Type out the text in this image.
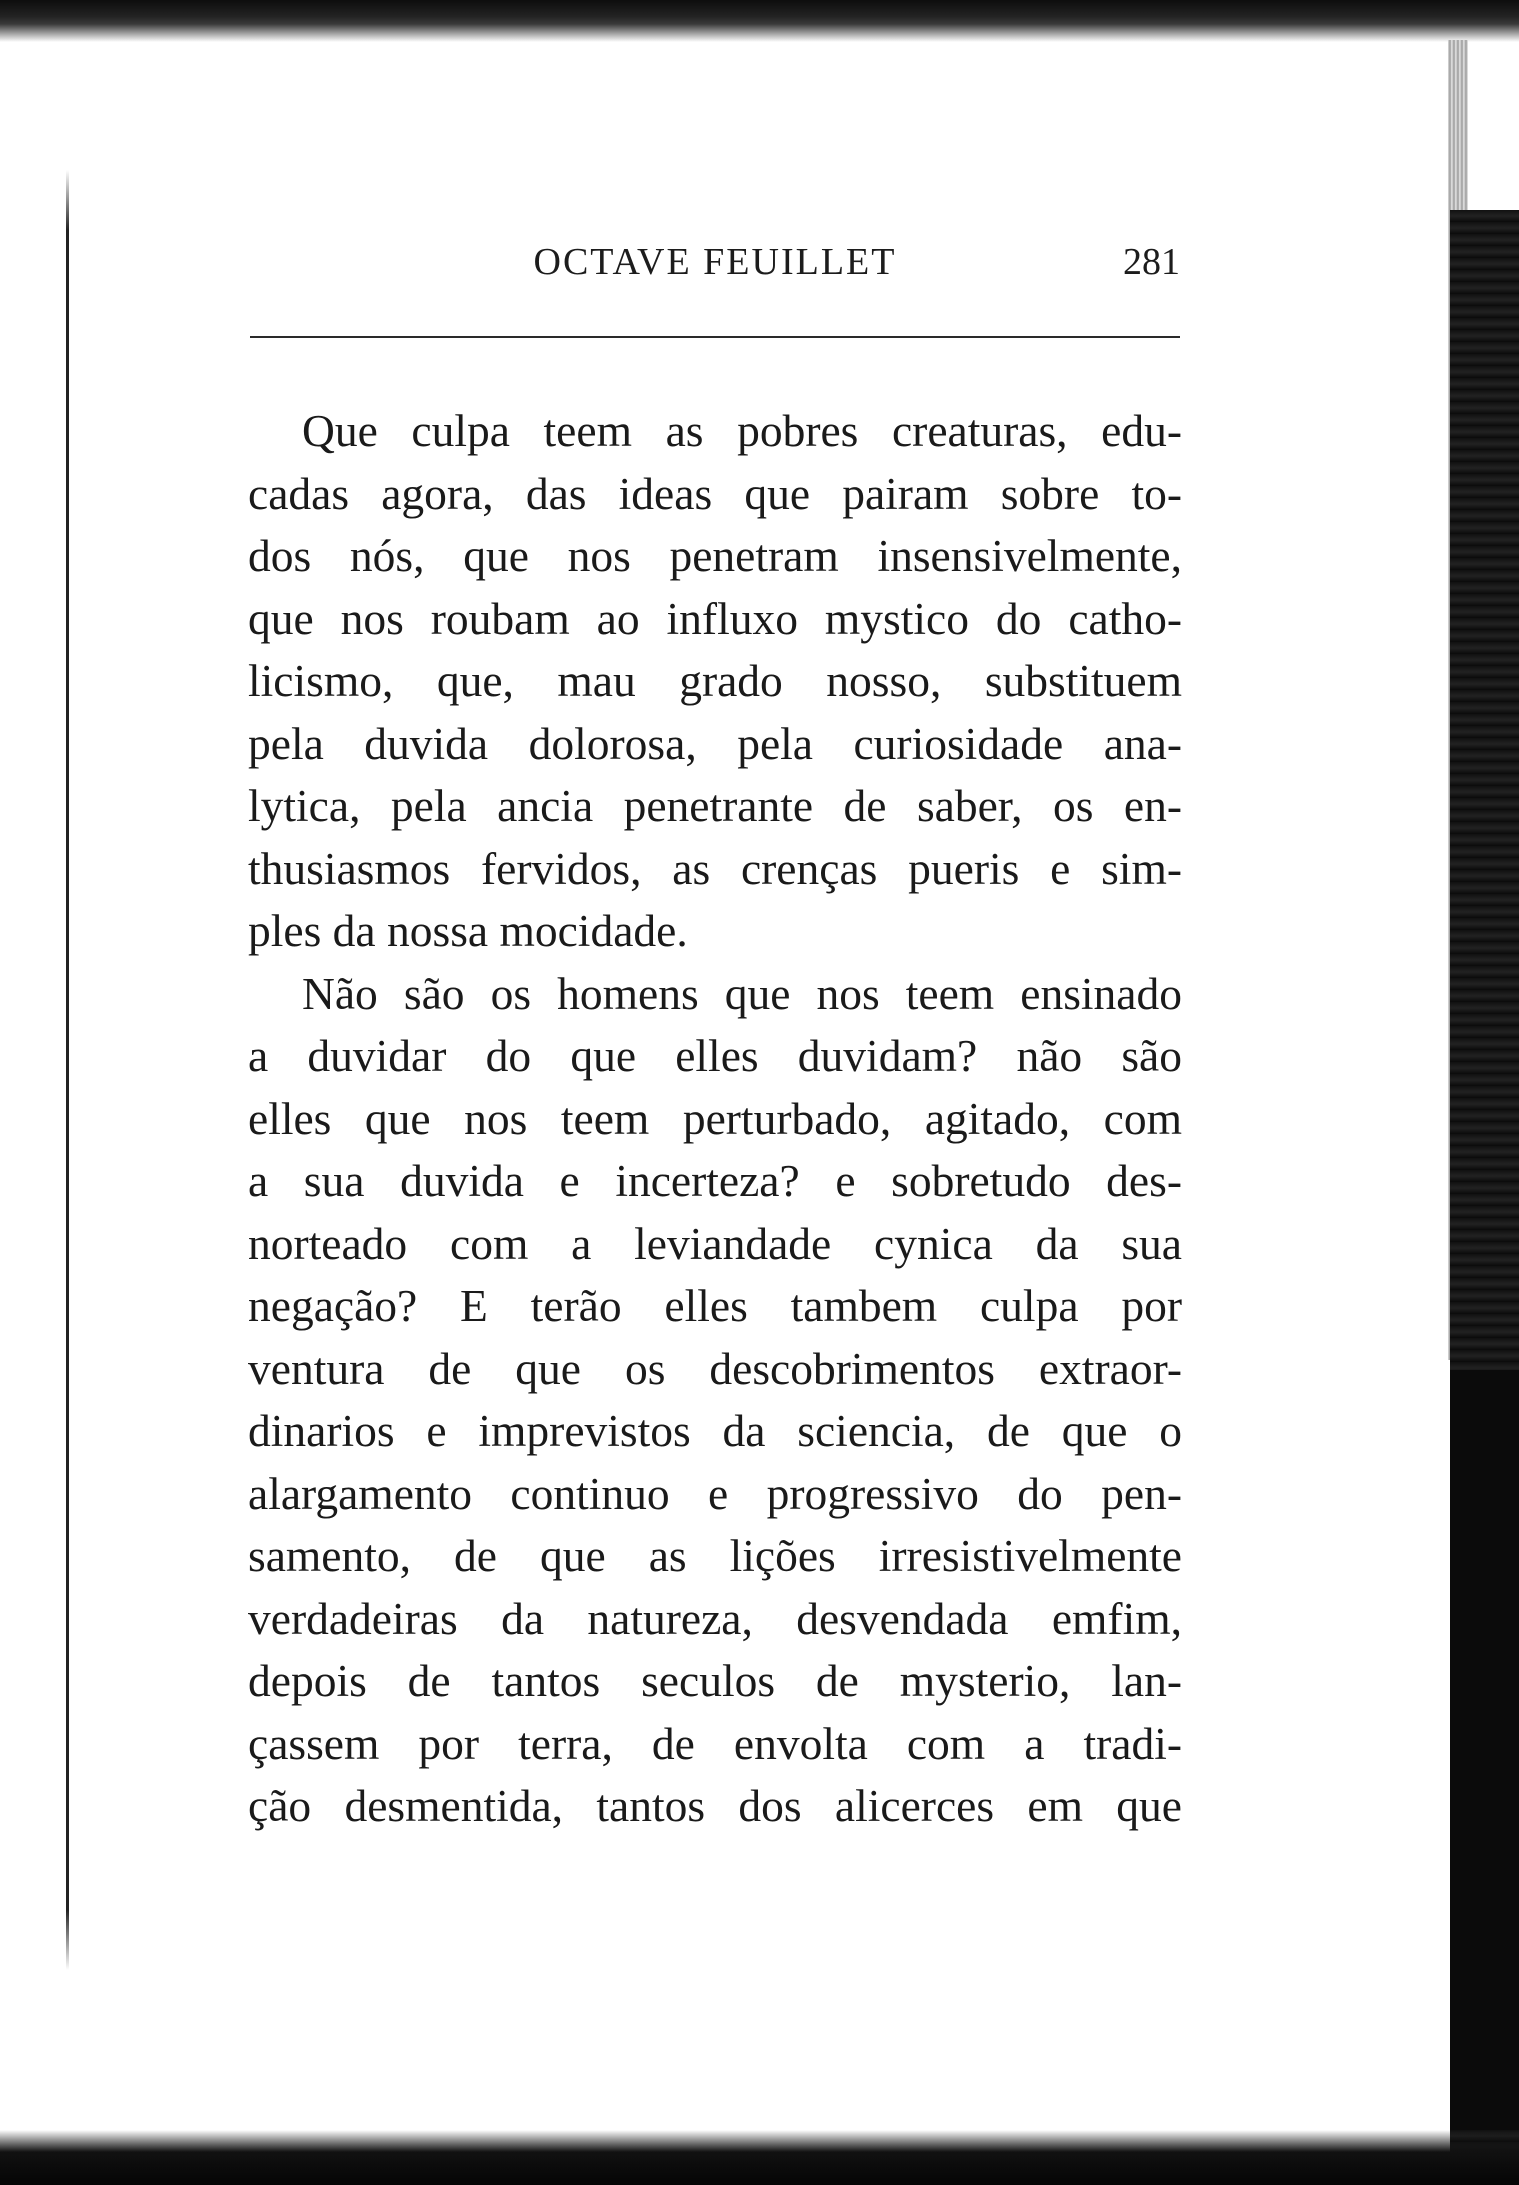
OCTAVE FEUILLET	281
Que culpa teem as pobres creaturas, edu-
cadas agora, das ideas que pairam sobre to-
dos nós, que nos penetram insensivelmente,
que nos roubam ao influxo mystico do catho-
licismo, que, mau grado nosso, substituem
pela duvida dolorosa, pela curiosidade ana-
lytica, pela ancia penetrante de saber, os en-
thusiasmos fervidos, as crenças pueris e sim-
ples da nossa mocidade.
Não são os homens que nos teem ensinado
a duvidar do que elles duvidam? não são
elles que nos teem perturbado, agitado, com
a sua duvida e incerteza? e sobretudo des-
norteado com a leviandade cynica da sua
negação? E terão elles tambem culpa por
ventura de que os descobrimentos extraor-
dinarios e imprevistos da sciencia, de que o
alargamento continuo e progressivo do pen-
samento, de que as lições irresistivelmente
verdadeiras da natureza, desvendada emfim,
depois de tantos seculos de mysterio, lan-
çassem por terra, de envolta com a tradi-
ção desmentida, tantos dos alicerces em que
